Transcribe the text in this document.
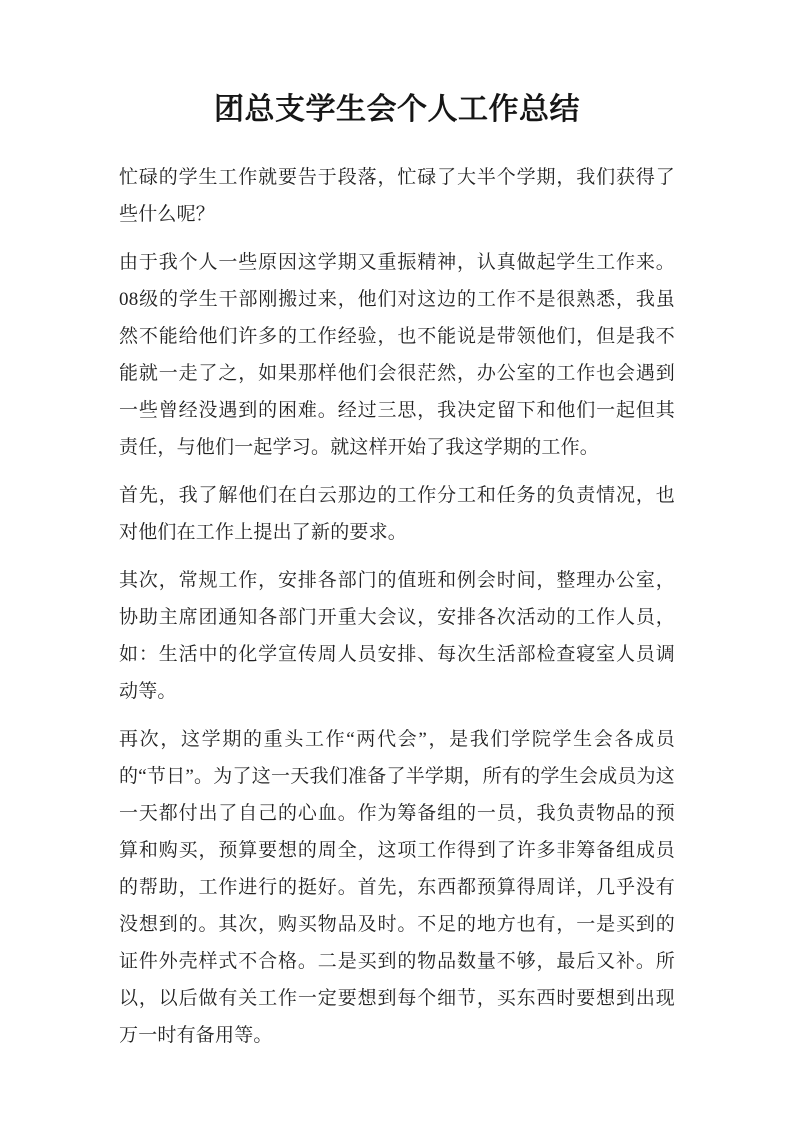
团总支学生会个人工作总结

忙碌的学生工作就要告于段落，忙碌了大半个学期，我们获得了些什么呢？

由于我个人一些原因这学期又重振精神，认真做起学生工作来。08级的学生干部刚搬过来，他们对这边的工作不是很熟悉，我虽然不能给他们许多的工作经验，也不能说是带领他们，但是我不能就一走了之，如果那样他们会很茫然，办公室的工作也会遇到一些曾经没遇到的困难。经过三思，我决定留下和他们一起但其责任，与他们一起学习。就这样开始了我这学期的工作。

首先，我了解他们在白云那边的工作分工和任务的负责情况，也对他们在工作上提出了新的要求。

其次，常规工作，安排各部门的值班和例会时间，整理办公室，协助主席团通知各部门开重大会议，安排各次活动的工作人员，如：生活中的化学宣传周人员安排、每次生活部检查寝室人员调动等。

再次，这学期的重头工作“两代会”，是我们学院学生会各成员的“节日”。为了这一天我们准备了半学期，所有的学生会成员为这一天都付出了自己的心血。作为筹备组的一员，我负责物品的预算和购买，预算要想的周全，这项工作得到了许多非筹备组成员的帮助，工作进行的挺好。首先，东西都预算得周详，几乎没有没想到的。其次，购买物品及时。不足的地方也有，一是买到的证件外壳样式不合格。二是买到的物品数量不够，最后又补。所以，以后做有关工作一定要想到每个细节，买东西时要想到出现万一时有备用等。
